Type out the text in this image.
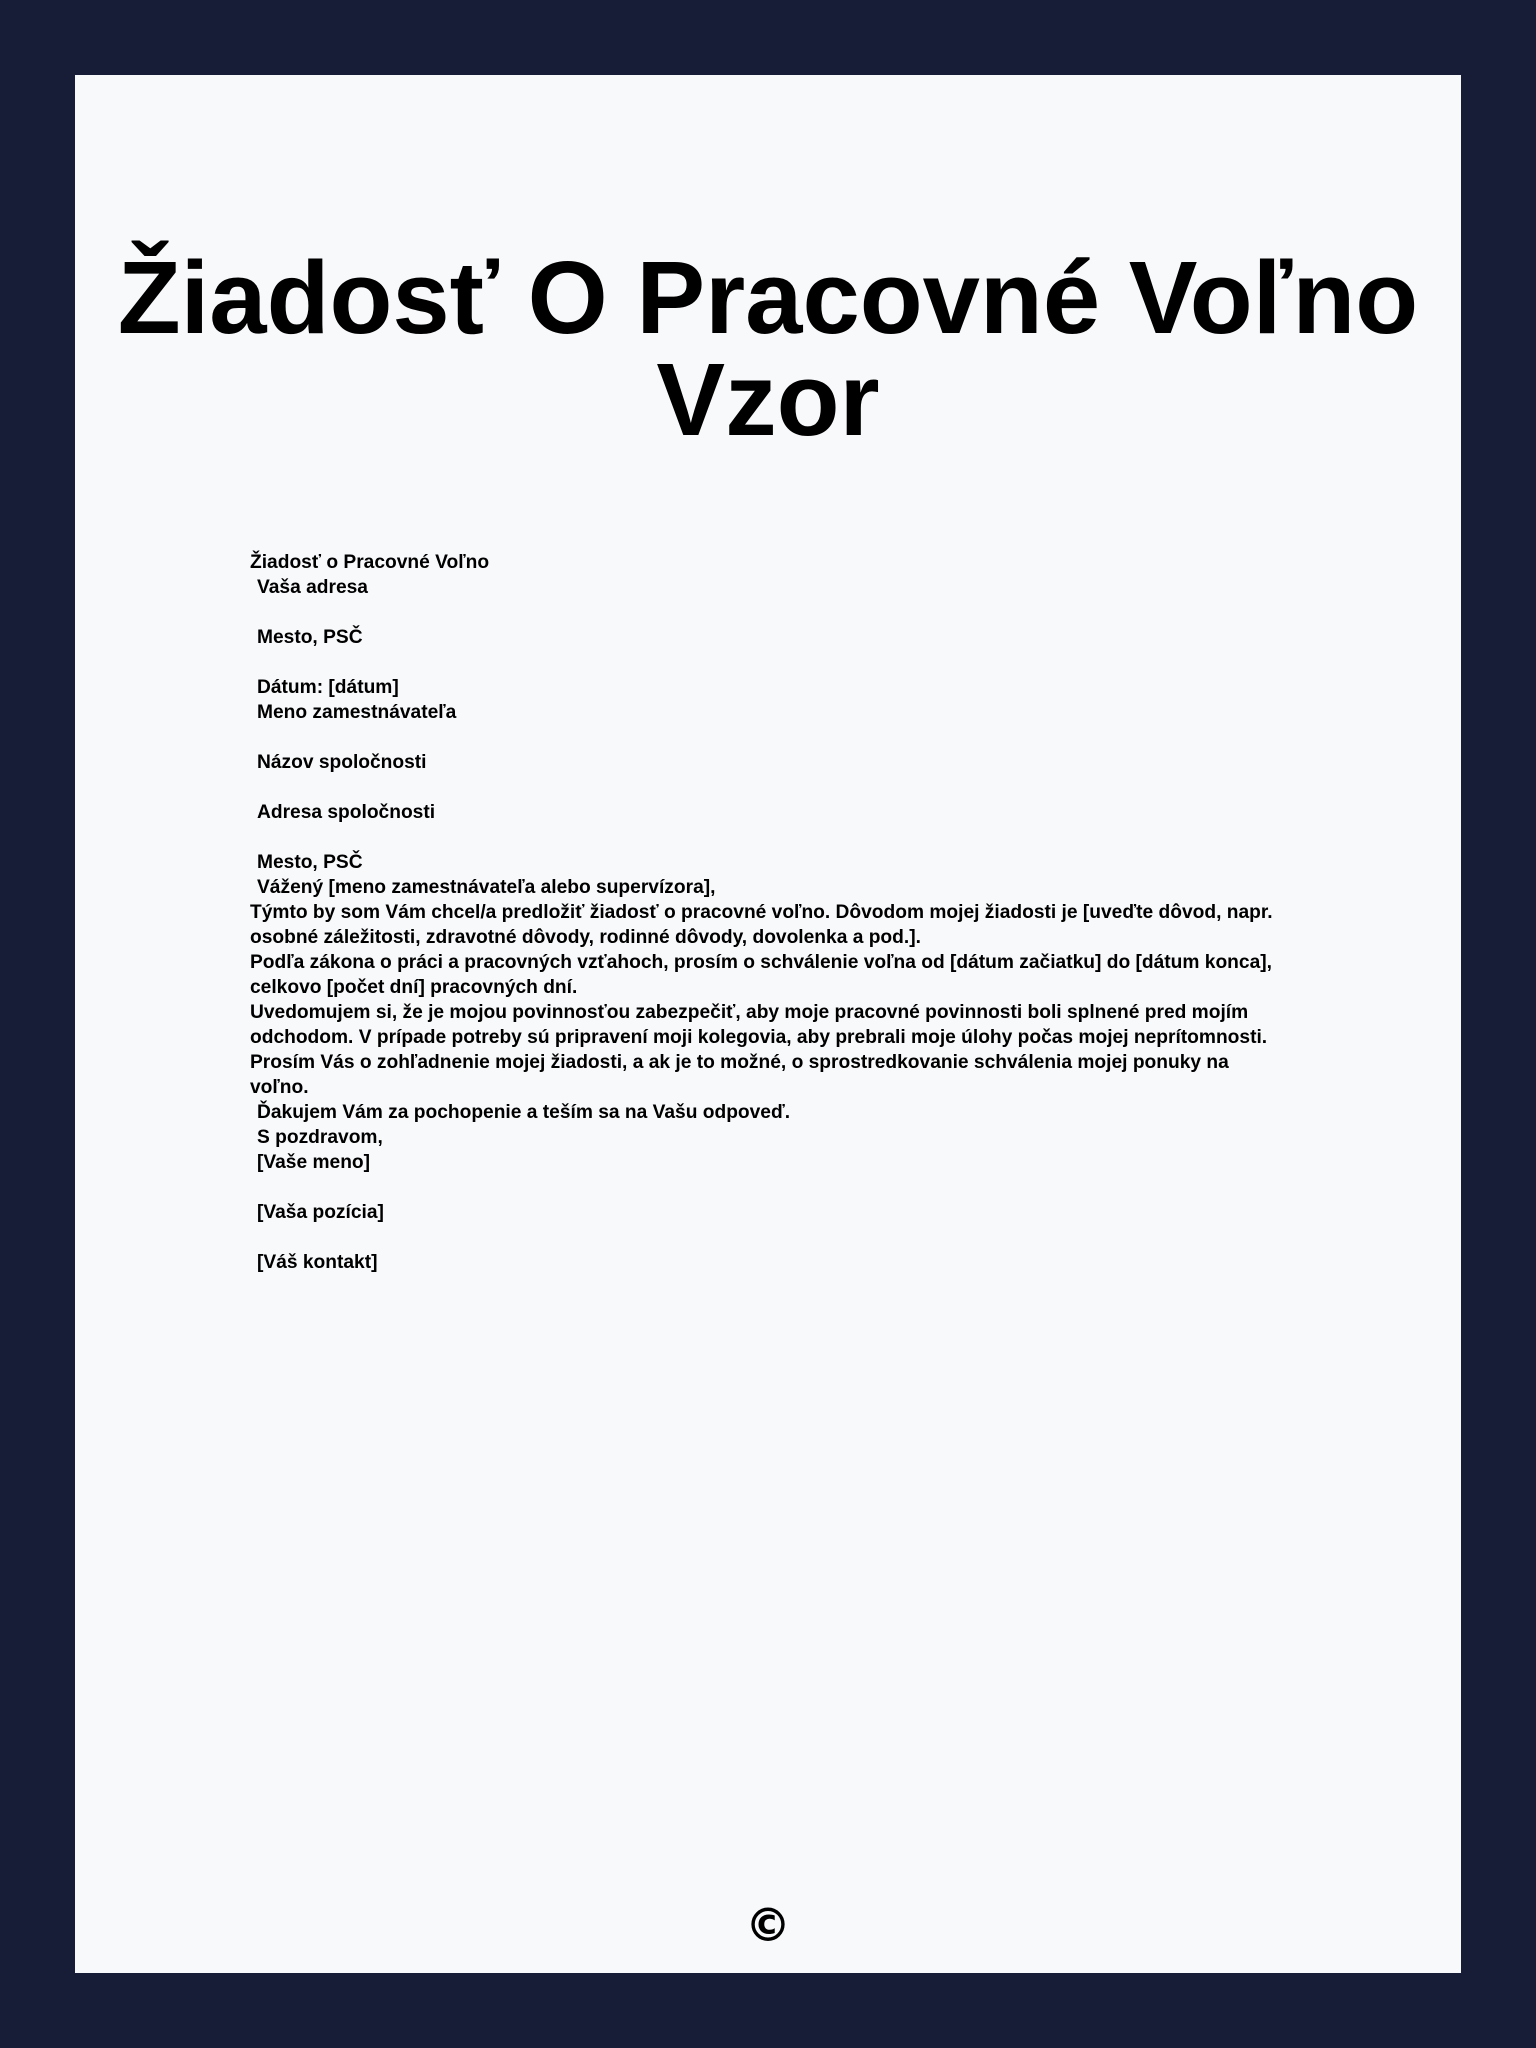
Žiadosť O Pracovné Voľno Vzor
Žiadosť o Pracovné Voľno
Vaša adresa
Mesto, PSČ
Dátum: [dátum]
Meno zamestnávateľa
Názov spoločnosti
Adresa spoločnosti
Mesto, PSČ
Vážený [meno zamestnávateľa alebo supervízora],
Týmto by som Vám chcel/a predložiť žiadosť o pracovné voľno. Dôvodom mojej žiadosti je [uveďte dôvod, napr. osobné záležitosti, zdravotné dôvody, rodinné dôvody, dovolenka a pod.].
Podľa zákona o práci a pracovných vzťahoch, prosím o schválenie voľna od [dátum začiatku] do [dátum konca], celkovo [počet dní] pracovných dní.
Uvedomujem si, že je mojou povinnosťou zabezpečiť, aby moje pracovné povinnosti boli splnené pred mojím odchodom. V prípade potreby sú pripravení moji kolegovia, aby prebrali moje úlohy počas mojej neprítomnosti.
Prosím Vás o zohľadnenie mojej žiadosti, a ak je to možné, o sprostredkovanie schválenia mojej ponuky na voľno.
Ďakujem Vám za pochopenie a teším sa na Vašu odpoveď.
S pozdravom,
[Vaše meno]
[Vaša pozícia]
[Váš kontakt]
©
